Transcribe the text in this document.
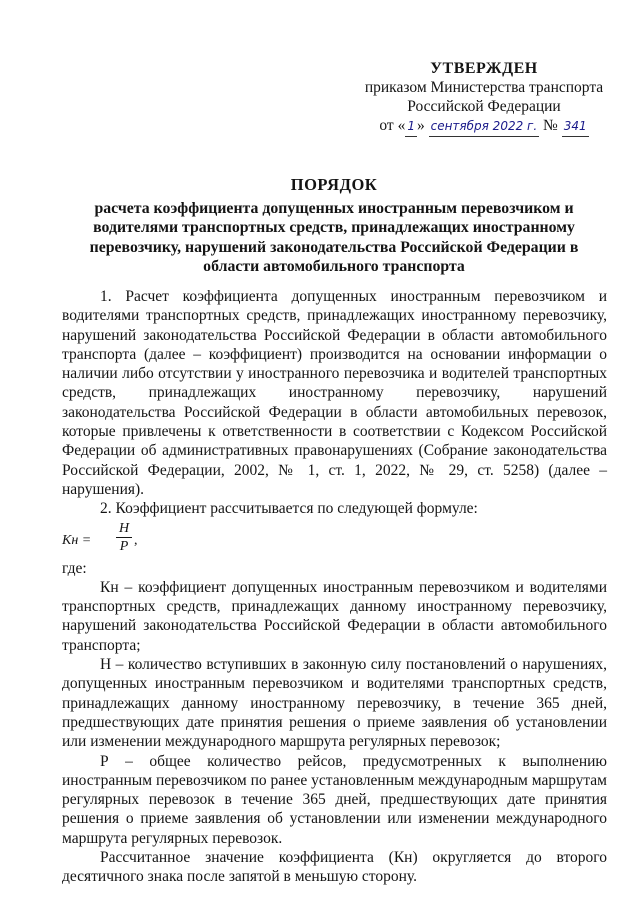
УТВЕРЖДЕН
приказом Министерства транспорта
Российской Федерации
от « 1 » сентября 2022 г. № 341
ПОРЯДОК
расчета коэффициента допущенных иностранным перевозчиком и водителями транспортных средств, принадлежащих иностранному перевозчику, нарушений законодательства Российской Федерации в области автомобильного транспорта

1. Расчет коэффициента допущенных иностранным перевозчиком и водителями транспортных средств, принадлежащих иностранному перевозчику, нарушений законодательства Российской Федерации в области автомобильного транспорта (далее – коэффициент) производится на основании информации о наличии либо отсутствии у иностранного перевозчика и водителей транспортных средств, принадлежащих иностранному перевозчику, нарушений законодательства Российской Федерации в области автомобильных перевозок, которые привлечены к ответственности в соответствии с Кодексом Российской Федерации об административных правонарушениях (Собрание законодательства Российской Федерации, 2002, № 1, ст. 1, 2022, № 29, ст. 5258) (далее – нарушения).

2. Коэффициент рассчитывается по следующей формуле:

Kн =
Н
Р ,

где:

Кн – коэффициент допущенных иностранным перевозчиком и водителями транспортных средств, принадлежащих данному иностранному перевозчику, нарушений законодательства Российской Федерации в области автомобильного транспорта;

Н – количество вступивших в законную силу постановлений о нарушениях, допущенных иностранным перевозчиком и водителями транспортных средств, принадлежащих данному иностранному перевозчику, в течение 365 дней, предшествующих дате принятия решения о приеме заявления об установлении или изменении международного маршрута регулярных перевозок;

Р – общее количество рейсов, предусмотренных к выполнению иностранным перевозчиком по ранее установленным международным маршрутам регулярных перевозок в течение 365 дней, предшествующих дате принятия решения о приеме заявления об установлении или изменении международного маршрута регулярных перевозок.

Рассчитанное значение коэффициента (Кн) округляется до второго десятичного знака после запятой в меньшую сторону.
